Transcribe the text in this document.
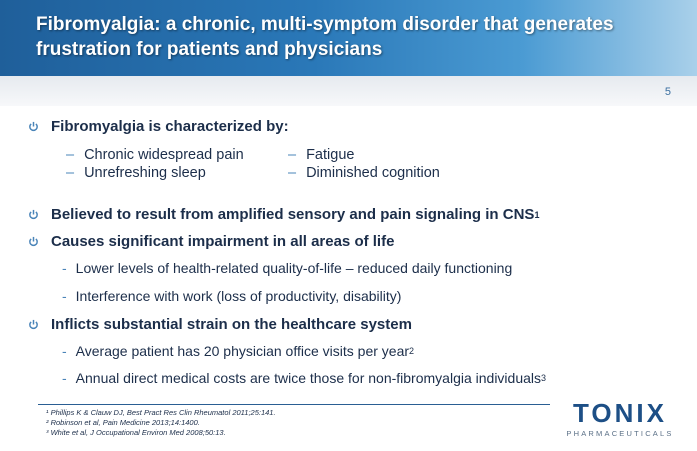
Fibromyalgia: a chronic, multi-symptom disorder that generates frustration for patients and physicians
5
Fibromyalgia is characterized by:
– Chronic widespread pain	– Fatigue
– Unrefreshing sleep	– Diminished cognition
Believed to result from amplified sensory and pain signaling in CNS 1
Causes significant impairment in all areas of life
- Lower levels of health-related quality-of-life – reduced daily functioning
- Interference with work (loss of productivity, disability)
Inflicts substantial strain on the healthcare system
- Average patient has 20 physician office visits per year 2
- Annual direct medical costs are twice those for non-fibromyalgia individuals 3
¹ Phillips K & Clauw DJ, Best Pract Res Clin Rheumatol 2011;25:141.
² Robinson et al, Pain Medicine 2013;14:1400.
³ White et al, J Occupational Environ Med 2008;50:13.
TONIX
PHARMACEUTICALS
